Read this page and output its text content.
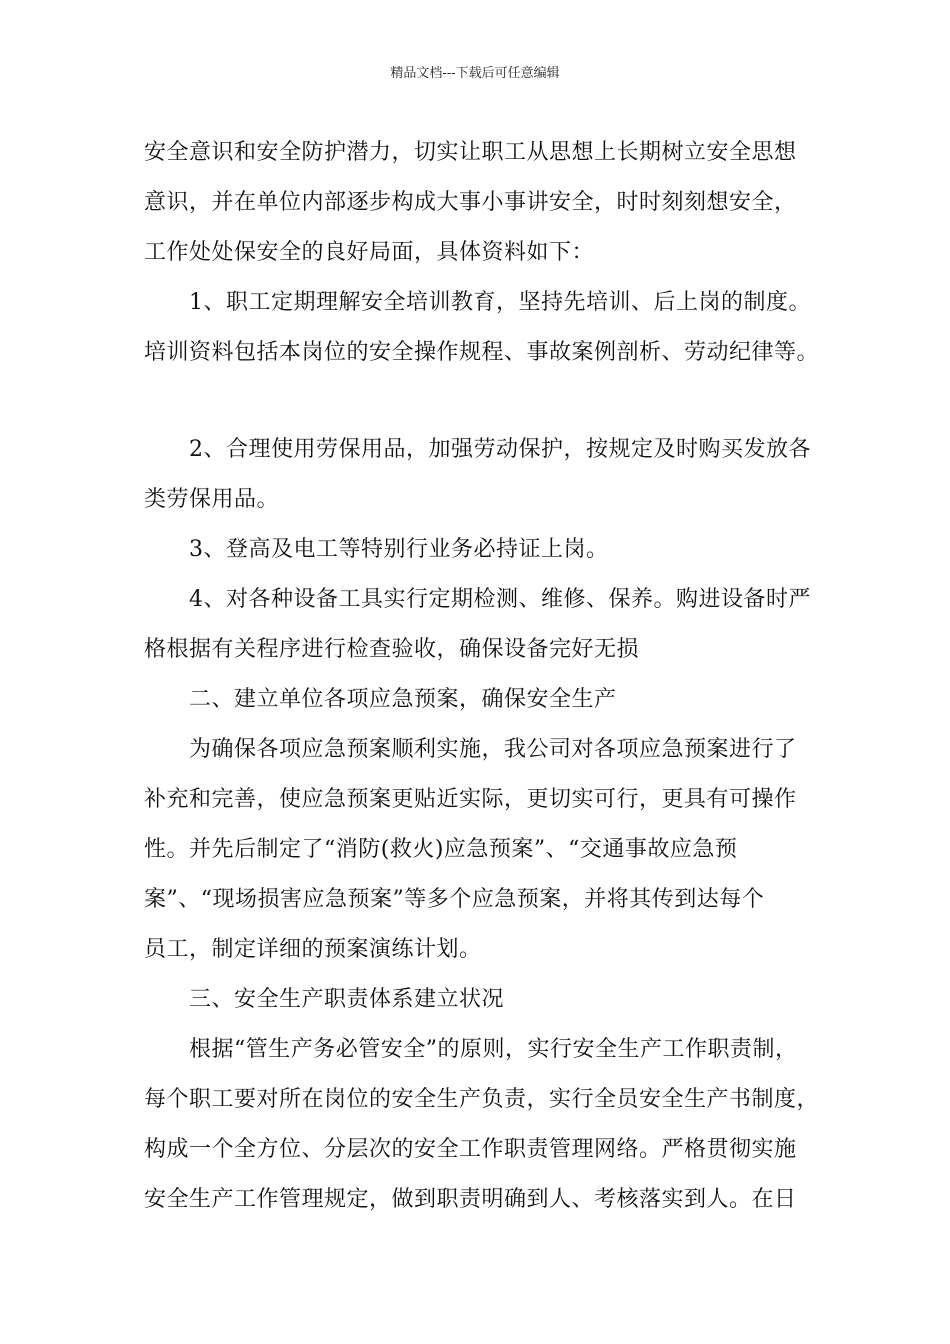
精品文档---下载后可任意编辑
安全意识和安全防护潜力，切实让职工从思想上长期树立安全思想
意识，并在单位内部逐步构成大事小事讲安全，时时刻刻想安全，
工作处处保安全的良好局面，具体资料如下：
1、职工定期理解安全培训教育，坚持先培训、后上岗的制度。
培训资料包括本岗位的安全操作规程、事故案例剖析、劳动纪律等。
2、合理使用劳保用品，加强劳动保护，按规定及时购买发放各
类劳保用品。
3、登高及电工等特别行业务必持证上岗。
4、对各种设备工具实行定期检测、维修、保养。购进设备时严
格根据有关程序进行检查验收，确保设备完好无损
二、建立单位各项应急预案，确保安全生产
为确保各项应急预案顺利实施，我公司对各项应急预案进行了
补充和完善，使应急预案更贴近实际，更切实可行，更具有可操作
性。并先后制定了“消防(救火)应急预案”、“交通事故应急预
案”、“现场损害应急预案”等多个应急预案，并将其传到达每个
员工，制定详细的预案演练计划。
三、安全生产职责体系建立状况
根据“管生产务必管安全”的原则，实行安全生产工作职责制，
每个职工要对所在岗位的安全生产负责，实行全员安全生产书制度，
构成一个全方位、分层次的安全工作职责管理网络。严格贯彻实施
安全生产工作管理规定，做到职责明确到人、考核落实到人。在日
